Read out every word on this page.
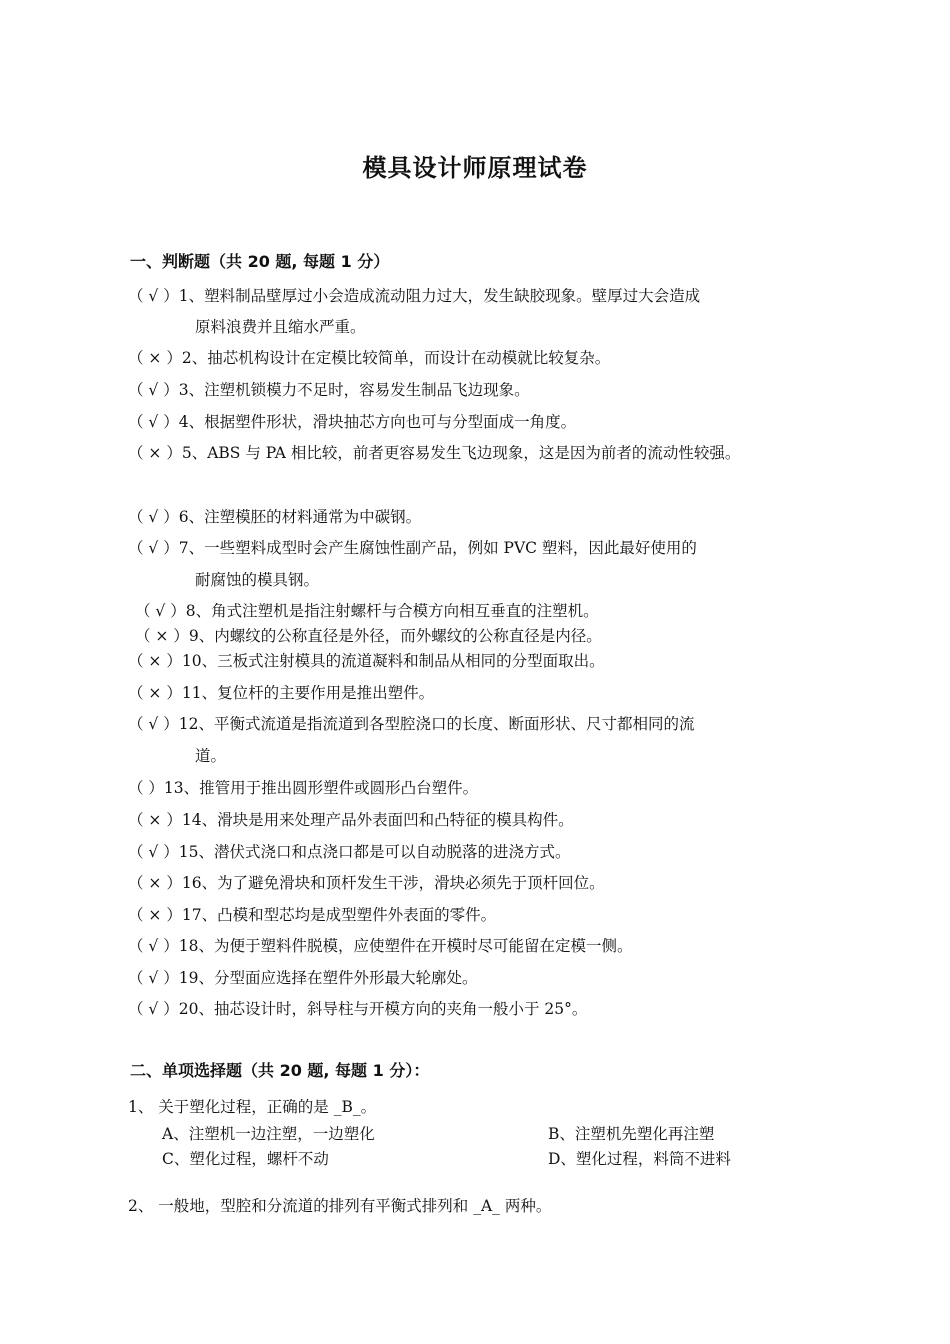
模具设计师原理试卷
一、判断题（共 20 题, 每题 1 分）
（ √ ）1、塑料制品壁厚过小会造成流动阻力过大，发生缺胶现象。壁厚过大会造成
原料浪费并且缩水严重。
（ × ）2、抽芯机构设计在定模比较简单，而设计在动模就比较复杂。
（ √ ）3、注塑机锁模力不足时，容易发生制品飞边现象。
（ √ ）4、根据塑件形状，滑块抽芯方向也可与分型面成一角度。
（ × ）5、ABS 与 PA 相比较，前者更容易发生飞边现象，这是因为前者的流动性较强。
（ √ ）6、注塑模胚的材料通常为中碳钢。
（ √ ）7、一些塑料成型时会产生腐蚀性副产品，例如 PVC 塑料，因此最好使用的
耐腐蚀的模具钢。
（ √ ）8、角式注塑机是指注射螺杆与合模方向相互垂直的注塑机。
（ × ）9、内螺纹的公称直径是外径，而外螺纹的公称直径是内径。
（ × ）10、三板式注射模具的流道凝料和制品从相同的分型面取出。
（ × ）11、复位杆的主要作用是推出塑件。
（ √ ）12、平衡式流道是指流道到各型腔浇口的长度、断面形状、尺寸都相同的流
道。
（ ）13、推管用于推出圆形塑件或圆形凸台塑件。
（ × ）14、滑块是用来处理产品外表面凹和凸特征的模具构件。
（ √ ）15、潜伏式浇口和点浇口都是可以自动脱落的进浇方式。
（ × ）16、为了避免滑块和顶杆发生干涉，滑块必须先于顶杆回位。
（ × ）17、凸模和型芯均是成型塑件外表面的零件。
（ √ ）18、为便于塑料件脱模，应使塑件在开模时尽可能留在定模一侧。
（ √ ）19、分型面应选择在塑件外形最大轮廓处。
（ √ ）20、抽芯设计时，斜导柱与开模方向的夹角一般小于 25°。
二、单项选择题（共 20 题, 每题 1 分）：
1、 关于塑化过程，正确的是 _B_。
A、注塑机一边注塑，一边塑化	B、注塑机先塑化再注塑
C、塑化过程，螺杆不动	D、塑化过程，料筒不进料
2、 一般地，型腔和分流道的排列有平衡式排列和 _A_ 两种。
